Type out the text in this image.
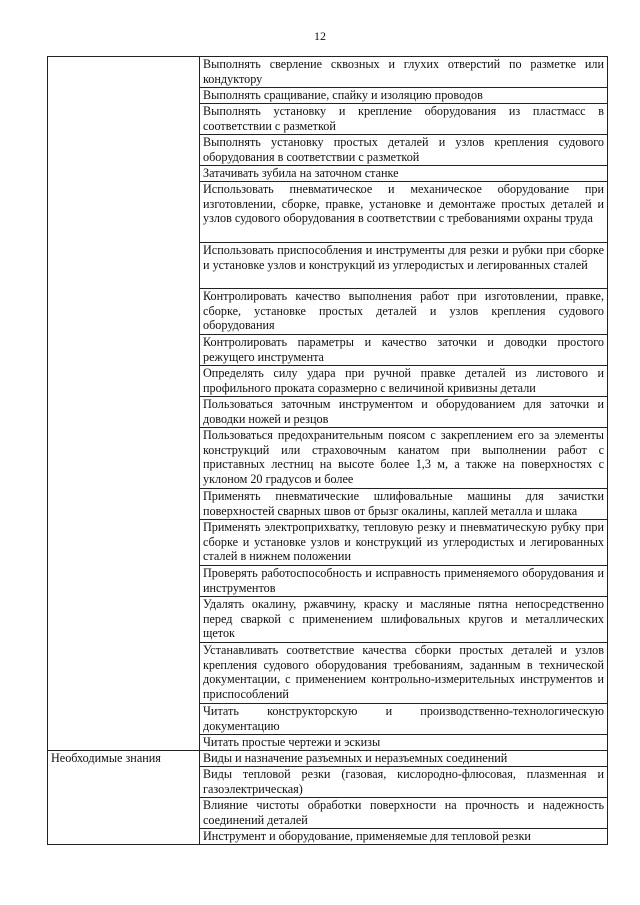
12
	Выполнять сверление сквозных и глухих отверстий по разметке или кондуктору
	Выполнять сращивание, спайку и изоляцию проводов
	Выполнять установку и крепление оборудования из пластмасс в соответствии с разметкой
	Выполнять установку простых деталей и узлов крепления судового оборудования в соответствии с разметкой
	Затачивать зубила на заточном станке
	Использовать пневматическое и механическое оборудование при изготовлении, сборке, правке, установке и демонтаже простых деталей и узлов судового оборудования в соответствии с требованиями охраны труда
	Использовать приспособления и инструменты для резки и рубки при сборке и установке узлов и конструкций из углеродистых и легированных сталей
	Контролировать качество выполнения работ при изготовлении, правке, сборке, установке простых деталей и узлов крепления судового оборудования
	Контролировать параметры и качество заточки и доводки простого режущего инструмента
	Определять силу удара при ручной правке деталей из листового и профильного проката соразмерно с величиной кривизны детали
	Пользоваться заточным инструментом и оборудованием для заточки и доводки ножей и резцов
	Пользоваться предохранительным поясом с закреплением его за элементы конструкций или страховочным канатом при выполнении работ с приставных лестниц на высоте более 1,3 м, а также на поверхностях с уклоном 20 градусов и более
	Применять пневматические шлифовальные машины для зачистки поверхностей сварных швов от брызг окалины, каплей металла и шлака
	Применять электроприхватку, тепловую резку и пневматическую рубку при сборке и установке узлов и конструкций из углеродистых и легированных сталей в нижнем положении
	Проверять работоспособность и исправность применяемого оборудования и инструментов
	Удалять окалину, ржавчину, краску и масляные пятна непосредственно перед сваркой с применением шлифовальных кругов и металлических щеток
	Устанавливать соответствие качества сборки простых деталей и узлов крепления судового оборудования требованиям, заданным в технической документации, с применением контрольно-измерительных инструментов и приспособлений
	Читать конструкторскую и производственно-технологическую документацию
	Читать простые чертежи и эскизы
Необходимые знания	Виды и назначение разъемных и неразъемных соединений
	Виды тепловой резки (газовая, кислородно-флюсовая, плазменная и газоэлектрическая)
	Влияние чистоты обработки поверхности на прочность и надежность соединений деталей
	Инструмент и оборудование, применяемые для тепловой резки
